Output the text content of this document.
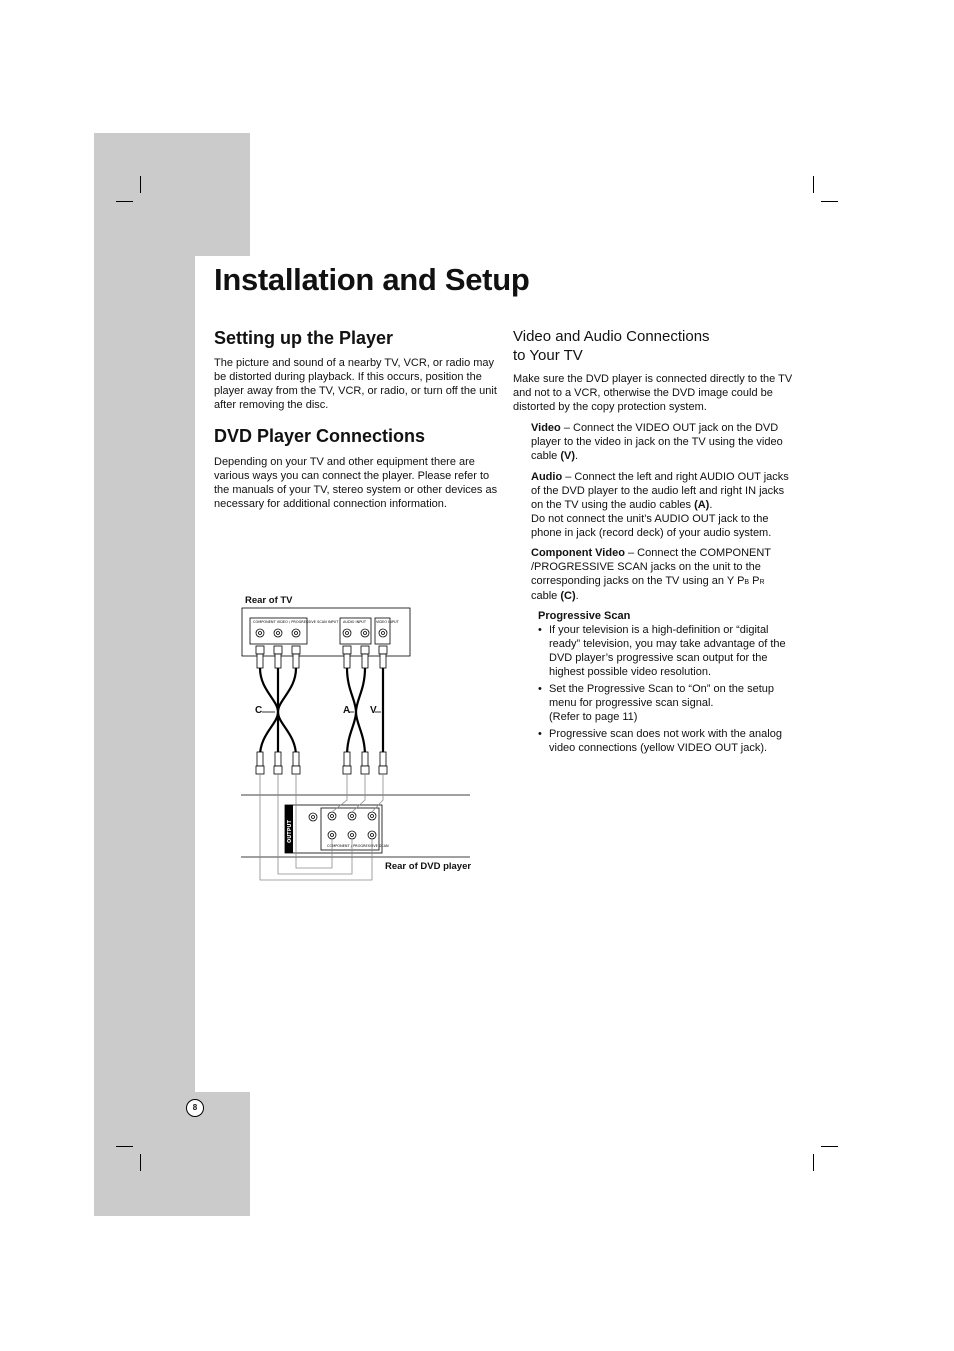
Installation and Setup
Setting up the Player

The picture and sound of a nearby TV, VCR, or radio may be distorted during playback. If this occurs, position the player away from the TV, VCR, or radio, or turn off the unit after removing the disc.

DVD Player Connections

Depending on your TV and other equipment there are various ways you can connect the player. Please refer to the manuals of your TV, stereo system or other devices as necessary for additional connection information.

Video and Audio Connections
to Your TV

Make sure the DVD player is connected directly to the TV and not to a VCR, otherwise the DVD image could be distorted by the copy protection system.

Video – Connect the VIDEO OUT jack on the DVD player to the video in jack on the TV using the video cable (V).

Audio – Connect the left and right AUDIO OUT jacks of the DVD player to the audio left and right IN jacks on the TV using the audio cables (A).

Do not connect the unit’s AUDIO OUT jack to the phone in jack (record deck) of your audio system.

Component Video – Connect the COMPONENT /PROGRESSIVE SCAN jacks on the unit to the corresponding jacks on the TV using an Y PB PR

cable (C).

Progressive Scan

• If your television is a high-definition or “digital ready” television, you may take advantage of the DVD player’s progressive scan output for the highest possible video resolution.
• Set the Progressive Scan to “On” on the setup menu for progressive scan signal.
(Refer to page 11)
• Progressive scan does not work with the analog video connections (yellow VIDEO OUT jack).
Rear of TV
Rear of DVD player
C	A V
COMPONENT VIDEO / PROGRESSIVE SCAN INPUT AUDIO INPUT	VIDEO INPUT
OUTPUT
COMPONENT / PROGRESSIVE SCAN
8
